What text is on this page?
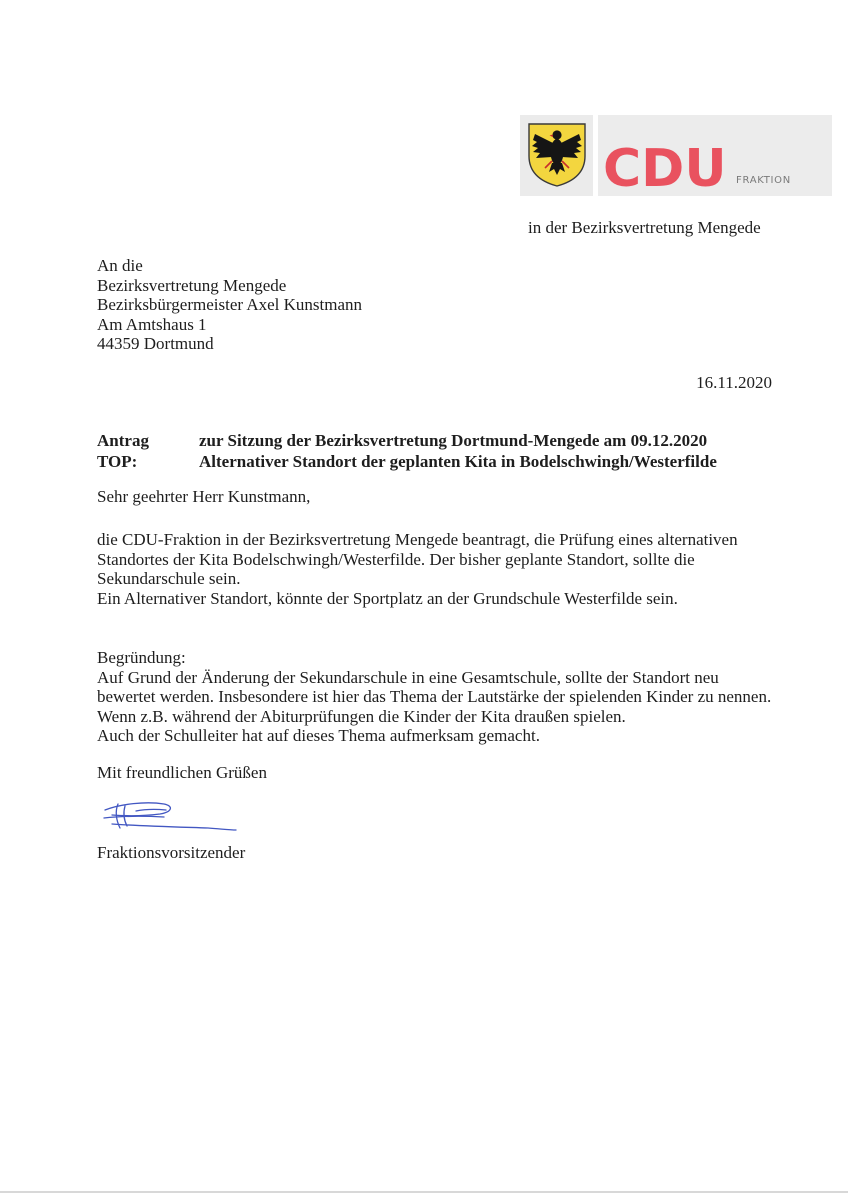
CDU FRAKTION
in der Bezirksvertretung Mengede
An die
Bezirksvertretung Mengede
Bezirksbürgermeister Axel Kunstmann
Am Amtshaus 1
44359 Dortmund
16.11.2020
Antrag	zur Sitzung der Bezirksvertretung Dortmund-Mengede am 09.12.2020
TOP:	Alternativer Standort der geplanten Kita in Bodelschwingh/Westerfilde
Sehr geehrter Herr Kunstmann,
die CDU-Fraktion in der Bezirksvertretung Mengede beantragt, die Prüfung eines alternativen
Standortes der Kita Bodelschwingh/Westerfilde. Der bisher geplante Standort, sollte die
Sekundarschule sein.
Ein Alternativer Standort, könnte der Sportplatz an der Grundschule Westerfilde sein.
Begründung:
Auf Grund der Änderung der Sekundarschule in eine Gesamtschule, sollte der Standort neu
bewertet werden. Insbesondere ist hier das Thema der Lautstärke der spielenden Kinder zu nennen.
Wenn z.B. während der Abiturprüfungen die Kinder der Kita draußen spielen.
Auch der Schulleiter hat auf dieses Thema aufmerksam gemacht.
Mit freundlichen Grüßen
Fraktionsvorsitzender
